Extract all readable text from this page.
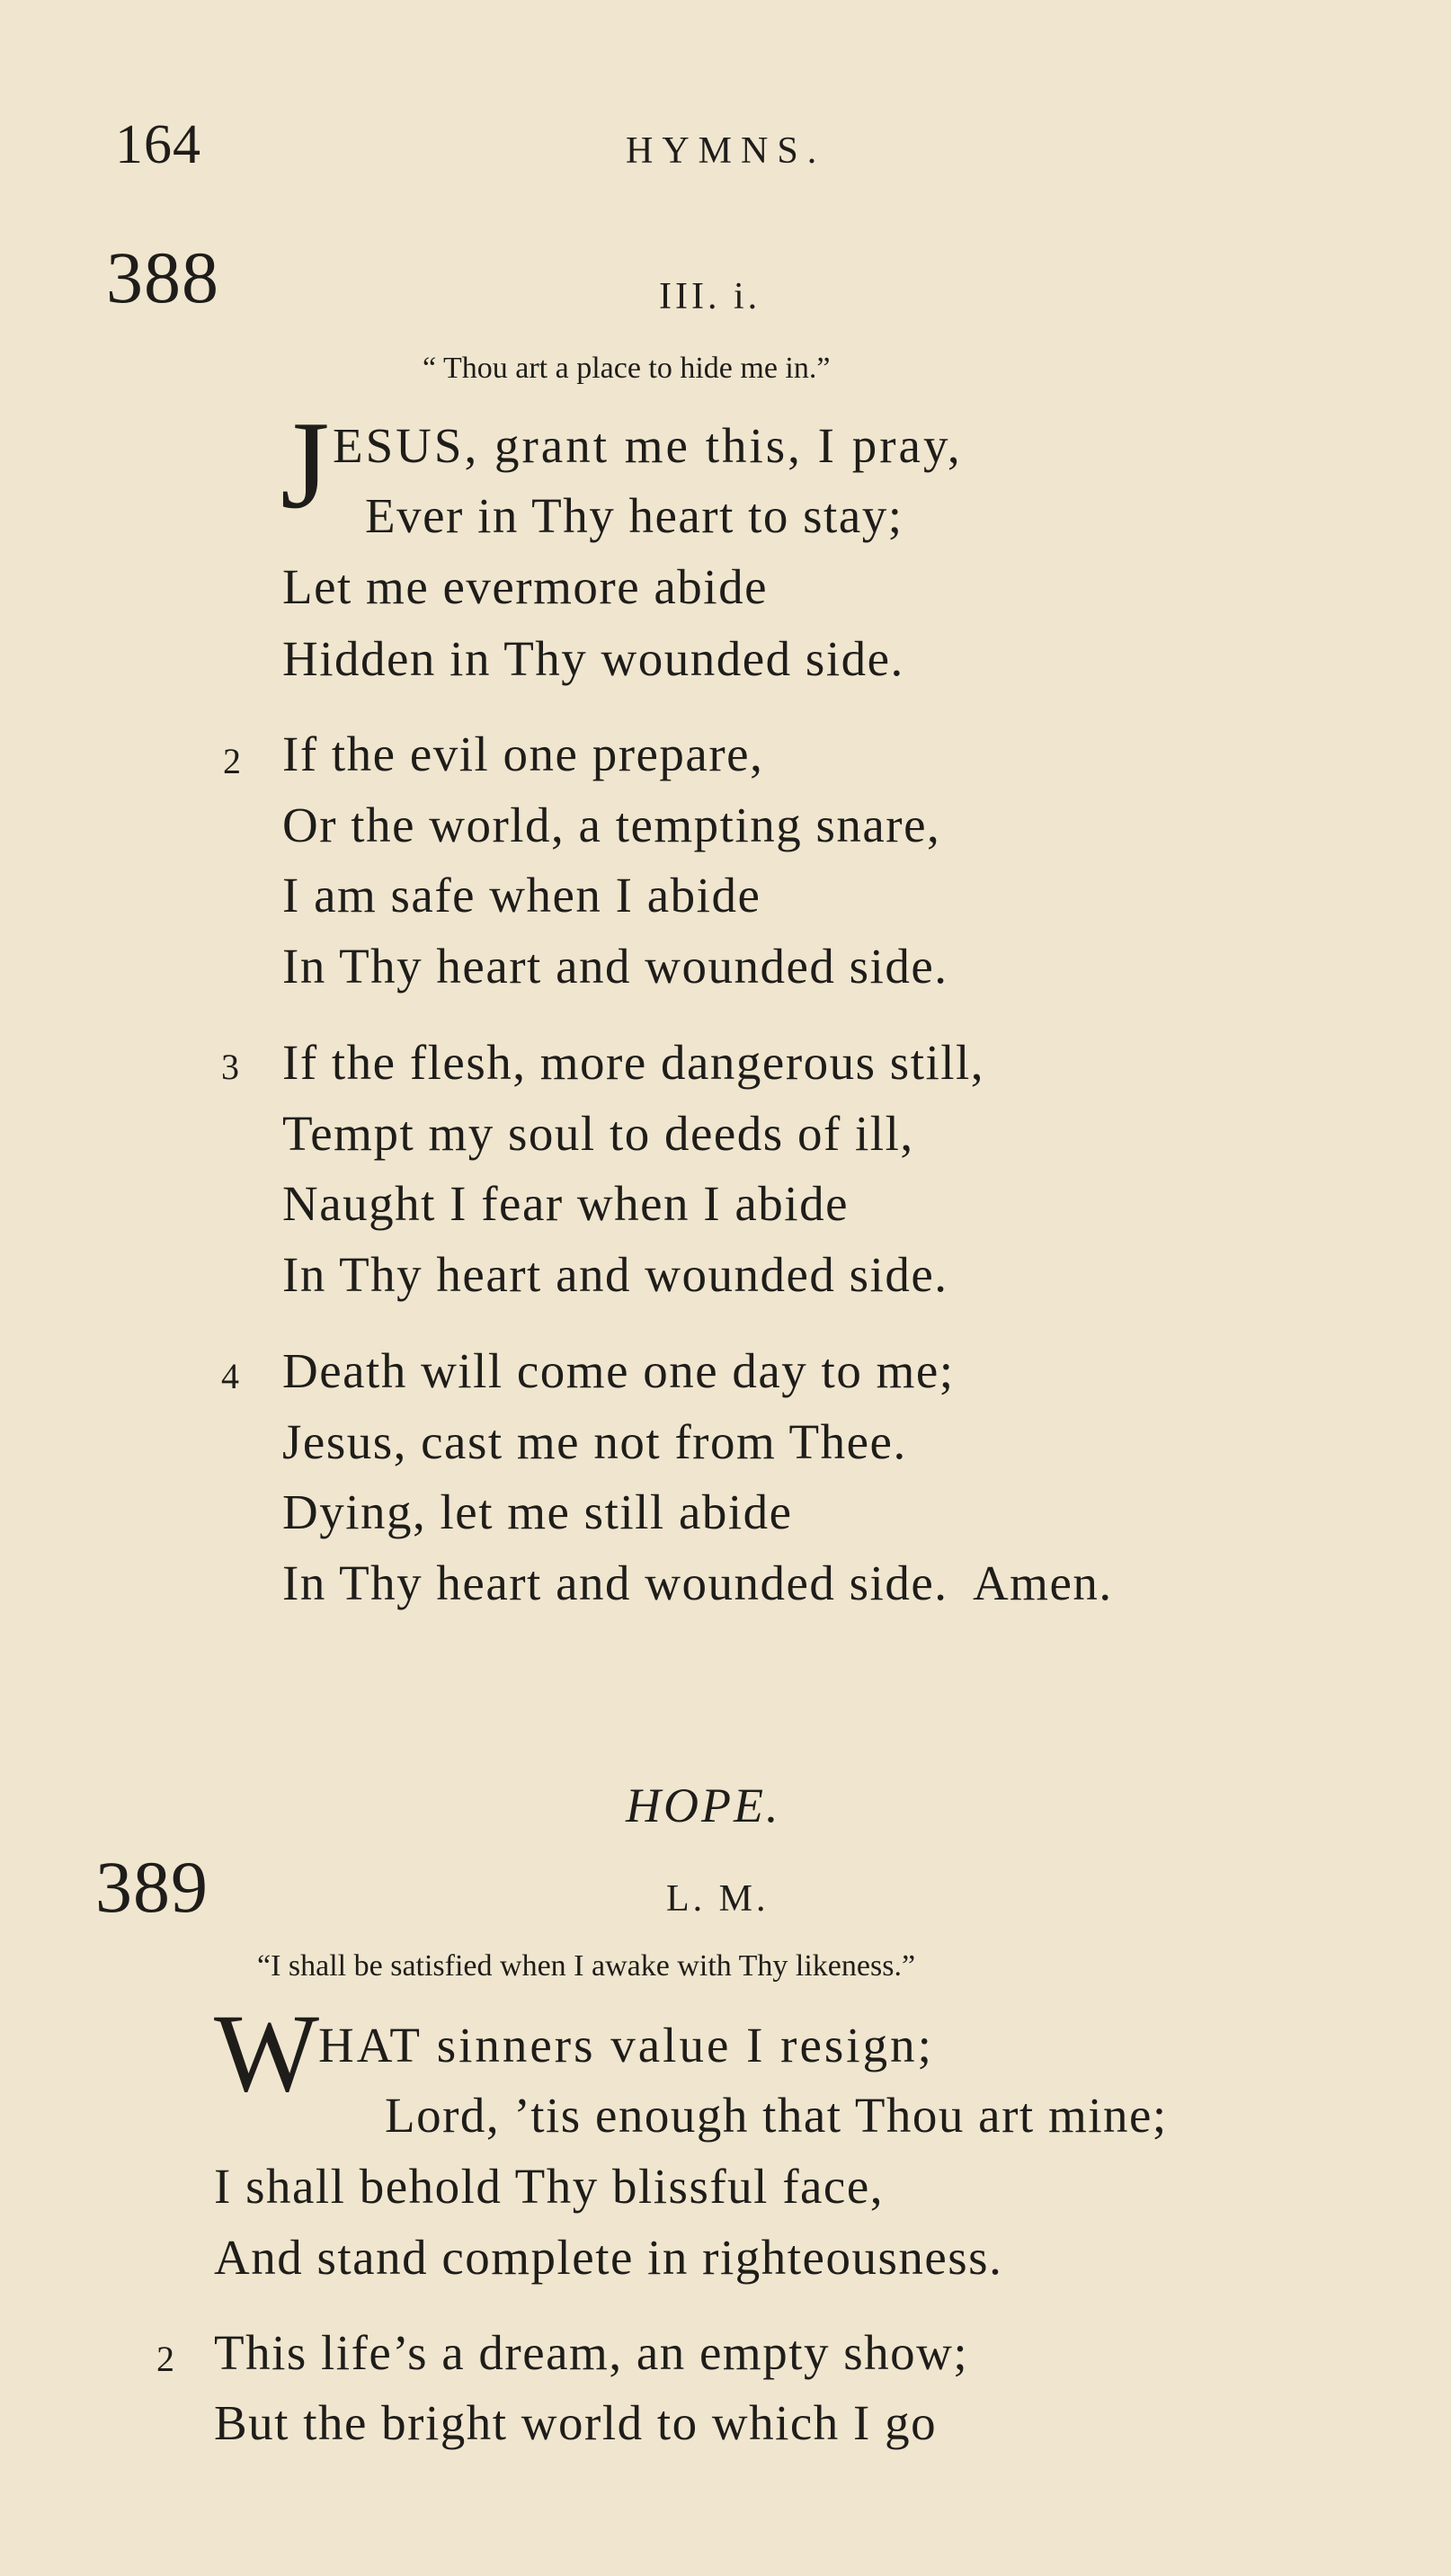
164	HYMNS.
388	III. i.
“ Thou art a place to hide me in.”
J ESUS, grant me this, I pray,
Ever in Thy heart to stay;
Let me evermore abide
Hidden in Thy wounded side.
2 If the evil one prepare,
Or the world, a tempting snare,
I am safe when I abide
In Thy heart and wounded side.
3 If the flesh, more dangerous still,
Tempt my soul to deeds of ill,
Naught I fear when I abide
In Thy heart and wounded side.
4 Death will come one day to me;
Jesus, cast me not from Thee.
Dying, let me still abide
In Thy heart and wounded side.  Amen.
HOPE.
389	L. M.
“I shall be satisfied when I awake with Thy likeness.”
W
HAT sinners value I resign;
Lord, ’tis enough that Thou art mine;
I shall behold Thy blissful face,
And stand complete in righteousness.
2 This life’s a dream, an empty show;
But the bright world to which I go
